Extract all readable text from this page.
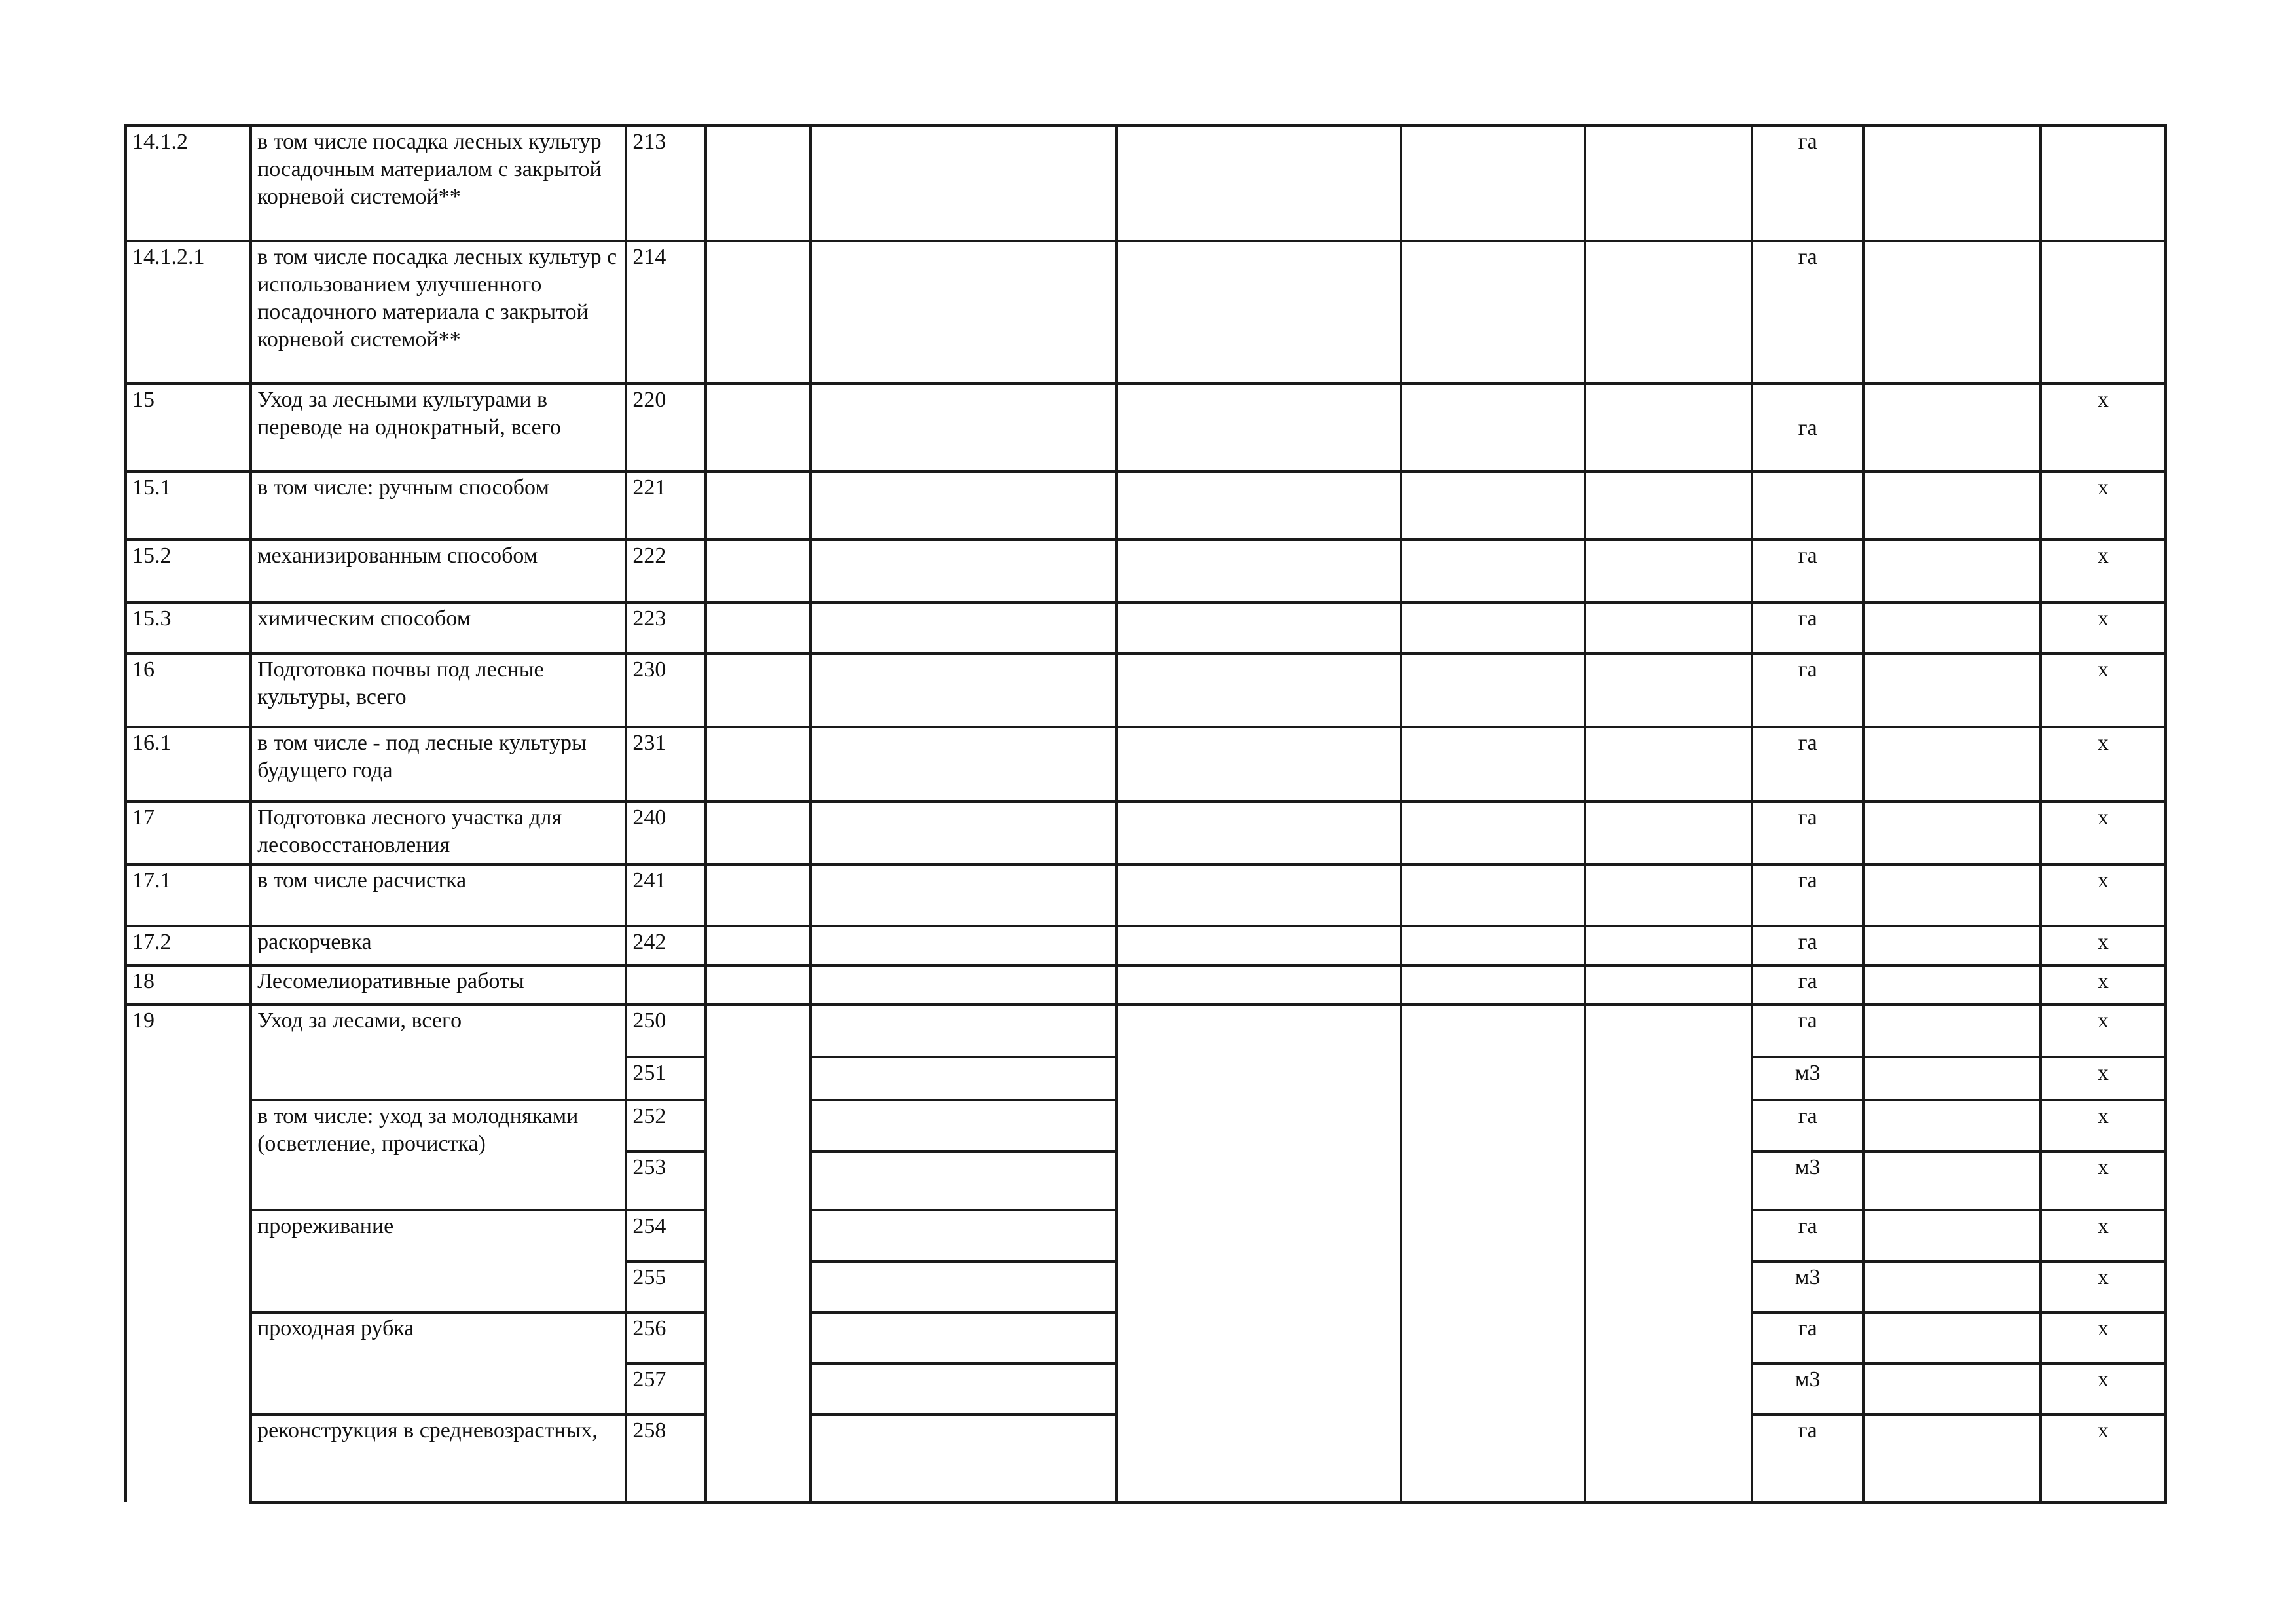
14.1.2	в том числе посадка лесных культур посадочным материалом с закрытой корневой системой**	213						га		
14.1.2.1	в том числе посадка лесных культур с использованием улучшенного посадочного материала с закрытой корневой системой**	214						га		
15	Уход за лесными культурами в переводе на однократный, всего	220						га		х
15.1	в том числе: ручным способом	221								х
15.2	механизированным способом	222						га		х
15.3	химическим способом	223						га		х
16	Подготовка почвы под лесные культуры, всего	230						га		х
16.1	в том числе - под лесные культуры будущего года	231						га		х
17	Подготовка лесного участка для лесовосстановления	240						га		х
17.1	в том числе расчистка	241						га		х
17.2	раскорчевка	242						га		х
18	Лесомелиоративные работы							га		х
19	Уход за лесами, всего	250						га		х
		251						м3		х
	в том числе: уход за молодняками (осветление, прочистка)	252						га		х
		253						м3		х
	прореживание	254						га		х
		255						м3		х
	проходная рубка	256						га		х
		257						м3		х
	реконструкция в средневозрастных,	258						га		х
